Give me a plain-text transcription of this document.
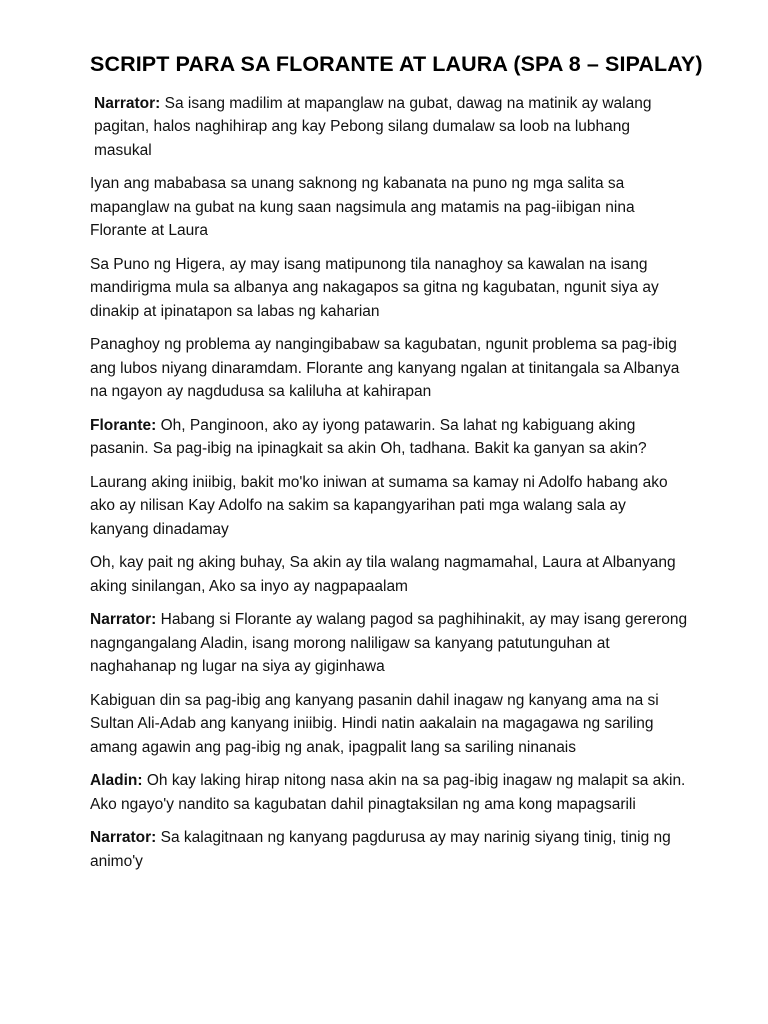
SCRIPT PARA SA FLORANTE AT LAURA (SPA 8 – SIPALAY)

Narrator: Sa isang madilim at mapanglaw na gubat, dawag na matinik ay walang pagitan, halos naghihirap ang kay Pebong silang dumalaw sa loob na lubhang masukal

Iyan ang mababasa sa unang saknong ng kabanata na puno ng mga salita sa mapanglaw na gubat na kung saan nagsimula ang matamis na pag-iibigan nina Florante at Laura

Sa Puno ng Higera, ay may isang matipunong tila nanaghoy sa kawalan na isang mandirigma mula sa albanya ang nakagapos sa gitna ng kagubatan, ngunit siya ay dinakip at ipinatapon sa labas ng kaharian

Panaghoy ng problema ay nangingibabaw sa kagubatan, ngunit problema sa pag-ibig ang lubos niyang dinaramdam. Florante ang kanyang ngalan at tinitangala sa Albanya na ngayon ay nagdudusa sa kaliluha at kahirapan

Florante: Oh, Panginoon, ako ay iyong patawarin. Sa lahat ng kabiguang aking pasanin. Sa pag-ibig na ipinagkait sa akin Oh, tadhana. Bakit ka ganyan sa akin?

Laurang aking iniibig, bakit mo'ko iniwan at sumama sa kamay ni Adolfo habang ako ako ay nilisan Kay Adolfo na sakim sa kapangyarihan pati mga walang sala ay kanyang dinadamay

Oh, kay pait ng aking buhay, Sa akin ay tila walang nagmamahal, Laura at Albanyang aking sinilangan, Ako sa inyo ay nagpapaalam

Narrator: Habang si Florante ay walang pagod sa paghihinakit, ay may isang gererong nagngangalang Aladin, isang morong naliligaw sa kanyang patutunguhan at naghahanap ng lugar na siya ay giginhawa

Kabiguan din sa pag-ibig ang kanyang pasanin dahil inagaw ng kanyang ama na si Sultan Ali-Adab ang kanyang iniibig. Hindi natin aakalain na magagawa ng sariling amang agawin ang pag-ibig ng anak, ipagpalit lang sa sariling ninanais

Aladin: Oh kay laking hirap nitong nasa akin na sa pag-ibig inagaw ng malapit sa akin. Ako ngayo'y nandito sa kagubatan dahil pinagtaksilan ng ama kong mapagsarili

Narrator: Sa kalagitnaan ng kanyang pagdurusa ay may narinig siyang tinig, tinig ng animo'y
